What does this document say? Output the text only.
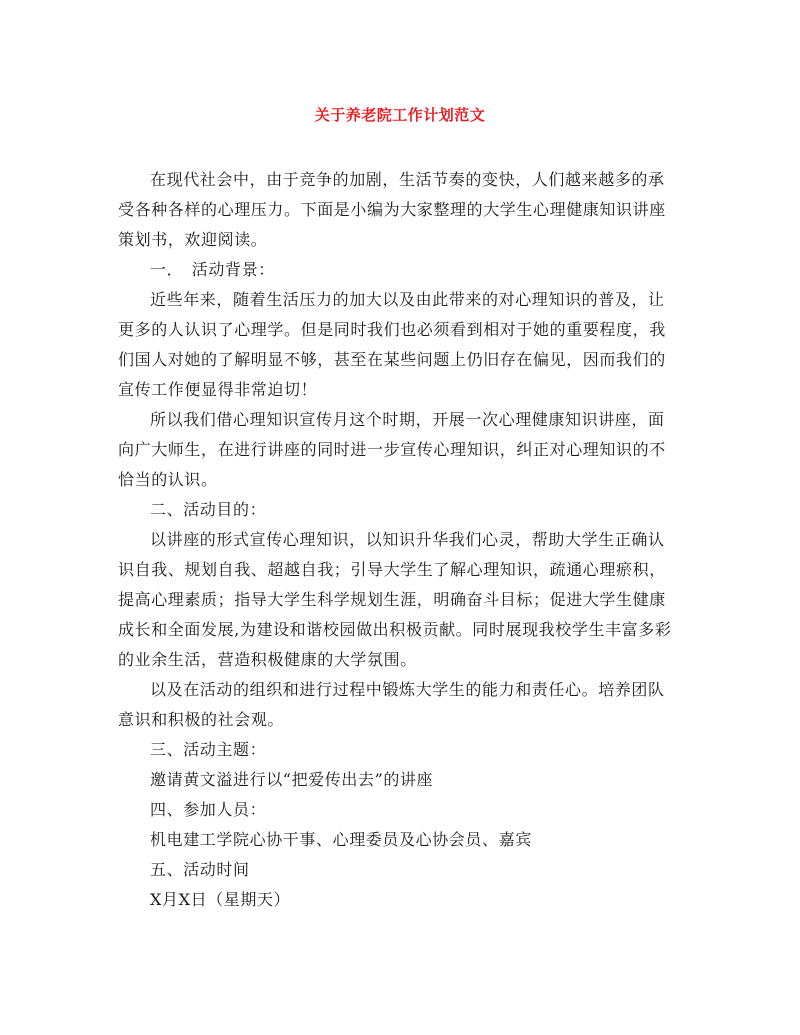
关于养老院工作计划范文

在现代社会中，由于竞争的加剧，生活节奏的变快，人们越来越多的承受各种各样的心理压力。下面是小编为大家整理的大学生心理健康知识讲座策划书，欢迎阅读。

一．　活动背景：

近些年来，随着生活压力的加大以及由此带来的对心理知识的普及，让更多的人认识了心理学。但是同时我们也必须看到相对于她的重要程度，我们国人对她的了解明显不够，甚至在某些问题上仍旧存在偏见，因而我们的宣传工作便显得非常迫切！

所以我们借心理知识宣传月这个时期，开展一次心理健康知识讲座，面向广大师生，在进行讲座的同时进一步宣传心理知识，纠正对心理知识的不恰当的认识。

二、活动目的：

以讲座的形式宣传心理知识，以知识升华我们心灵，帮助大学生正确认识自我、规划自我、超越自我；引导大学生了解心理知识，疏通心理瘀积，提高心理素质；指导大学生科学规划生涯，明确奋斗目标；促进大学生健康成长和全面发展,为建设和谐校园做出积极贡献。同时展现我校学生丰富多彩的业余生活，营造积极健康的大学氛围。

以及在活动的组织和进行过程中锻炼大学生的能力和责任心。培养团队意识和积极的社会观。

三、活动主题：

邀请黄文溢进行以“把爱传出去”的讲座

四、参加人员：

机电建工学院心协干事、心理委员及心协会员、嘉宾

五、活动时间

X月X日（星期天）
